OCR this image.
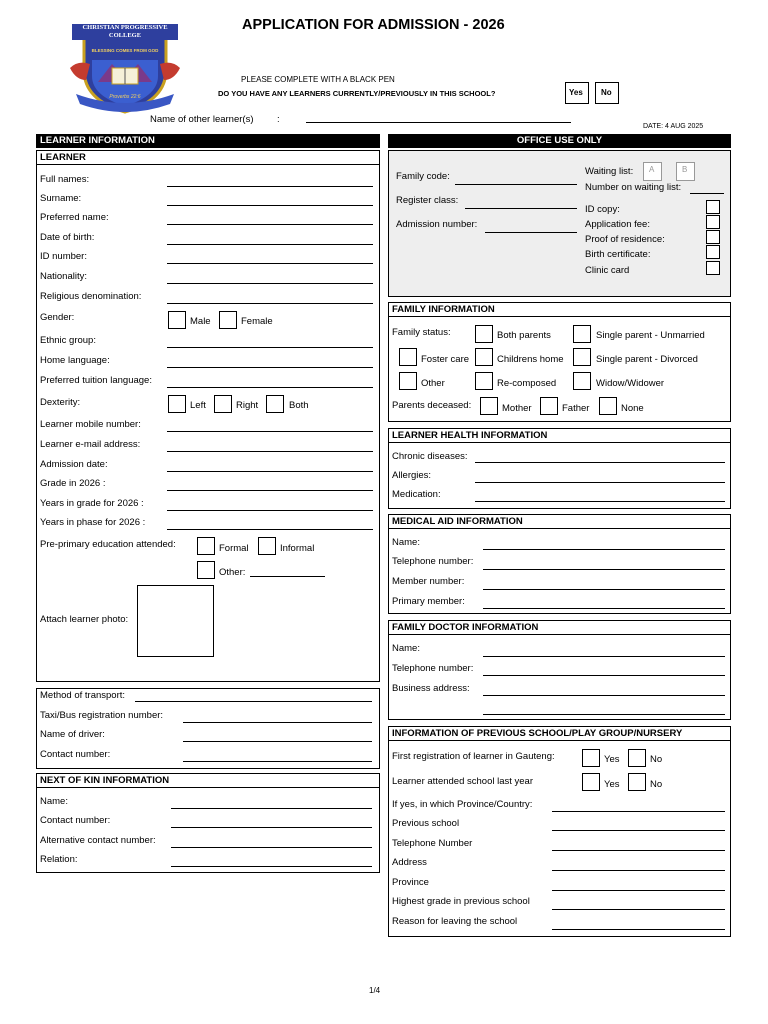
CHRISTIAN PROGRESSIVE COLLEGE
BLESSING COMES FROM GOD
Proverbs 22:6
APPLICATION FOR ADMISSION - 2026
PLEASE COMPLETE WITH A BLACK PEN
DO YOU HAVE ANY LEARNERS CURRENTLY/PREVIOUSLY IN THIS SCHOOL?	Yes No
Name of other learner(s) :
DATE: 4 AUG 2025
LEARNER INFORMATION
LEARNER
Full names:
Surname:
Preferred name:
Date of birth:
ID number:
Nationality:
Religious denomination:
Gender:	Male	Female
Ethnic group:
Home language:
Preferred tuition language:
Dexterity:	Left	Right	Both
Learner mobile number:
Learner e-mail address:
Admission date:
Grade in 2026 :
Years in grade for 2026 :
Years in phase for 2026 :
Pre-primary education attended:	Formal	Informal
Other:
Attach learner photo:
Method of transport:
Taxi/Bus registration number:
Name of driver:
Contact number:
NEXT OF KIN INFORMATION
Name:
Contact number:
Alternative contact number:
Relation:
OFFICE USE ONLY
Family code:
Register class:
Admission number:
Waiting list: A	B
Number on waiting list:
ID copy:
Application fee:
Proof of residence:
Birth certificate:
Clinic card
FAMILY INFORMATION
Family status:	Both parents	Single parent - Unmarried
Foster care	Childrens home	Single parent - Divorced
Other	Re-composed	Widow/Widower
Parents deceased:	Mother	Father	None
LEARNER HEALTH INFORMATION
Chronic diseases:
Allergies:
Medication:
MEDICAL AID INFORMATION
Name:
Telephone number:
Member number:
Primary member:
FAMILY DOCTOR INFORMATION
Name:
Telephone number:
Business address:
INFORMATION OF PREVIOUS SCHOOL/PLAY GROUP/NURSERY
First registration of learner in Gauteng:	Yes	No
Learner attended school last year	Yes	No
If yes, in which Province/Country:
Previous school
Telephone Number
Address
Province
Highest grade in previous school
Reason for leaving the school
1/4
